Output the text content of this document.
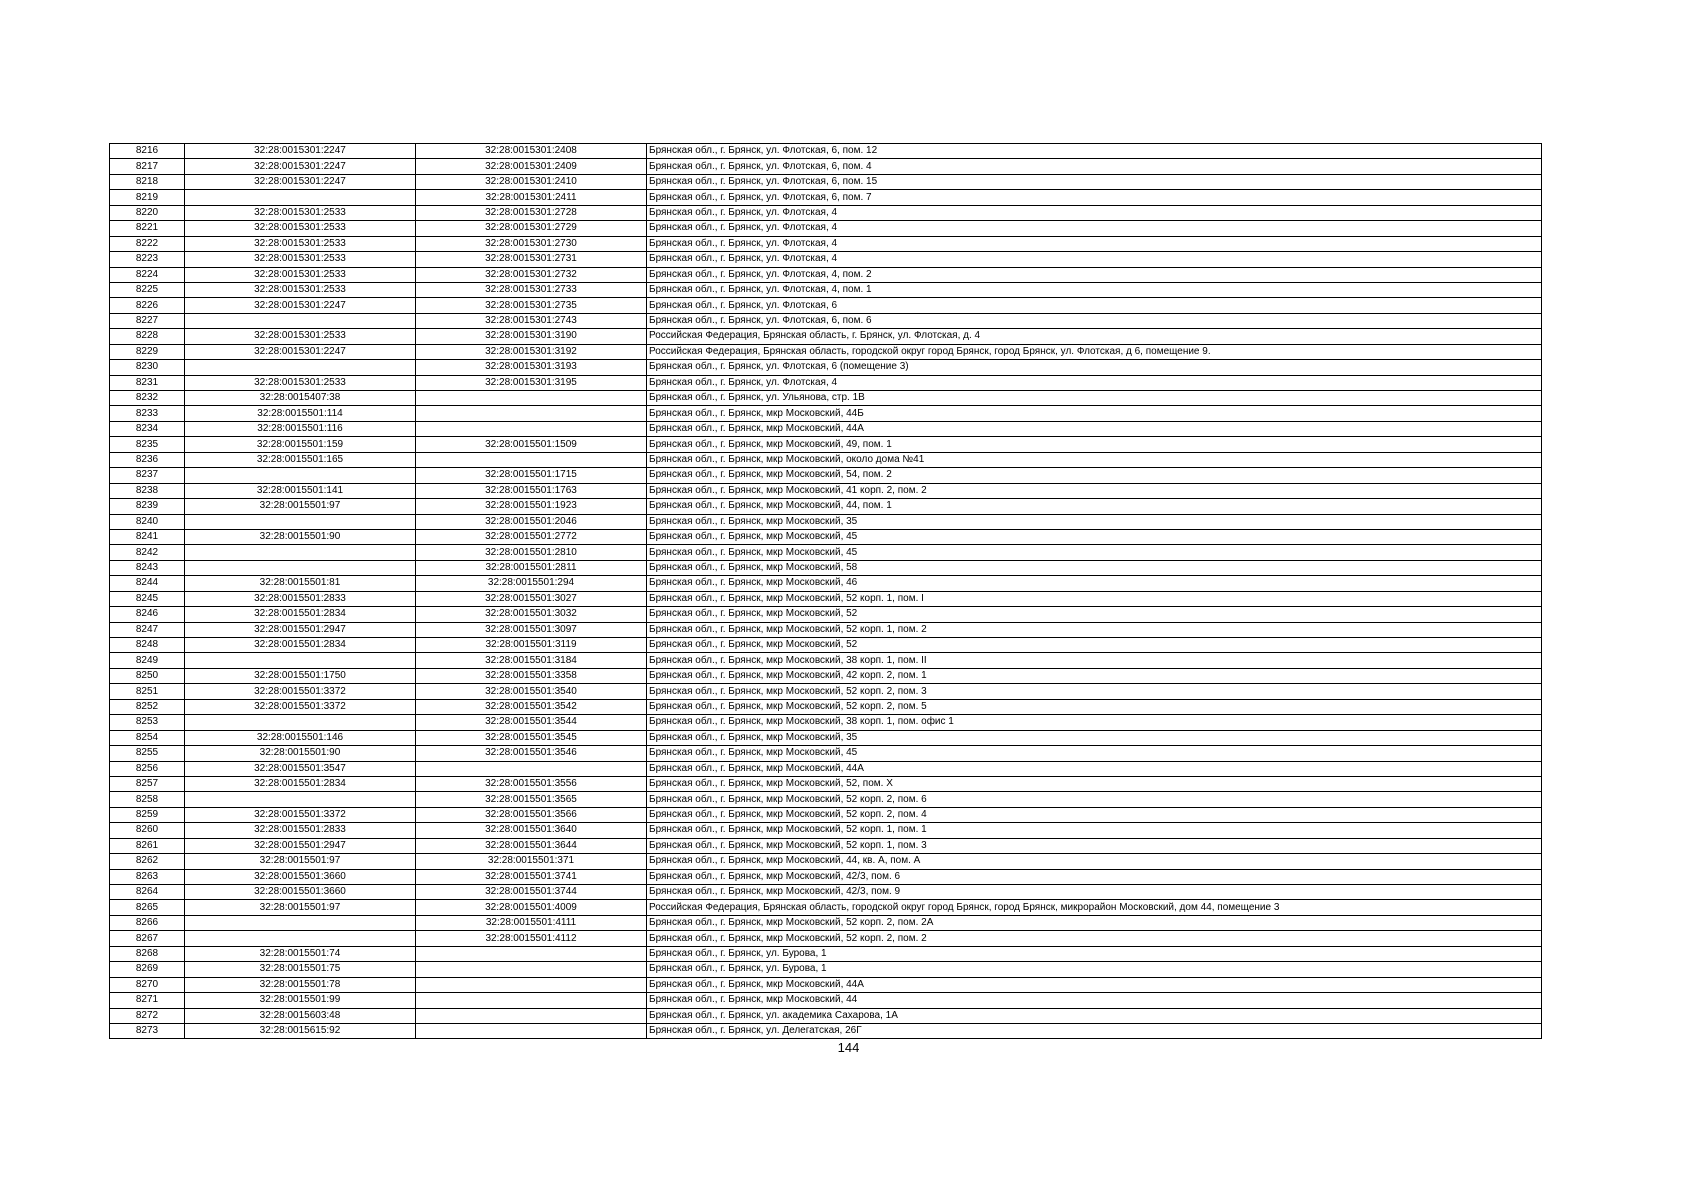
8216	32:28:0015301:2247	32:28:0015301:2408	Брянская обл., г. Брянск, ул. Флотская, 6, пом. 12
8217	32:28:0015301:2247	32:28:0015301:2409	Брянская обл., г. Брянск, ул. Флотская, 6, пом. 4
8218	32:28:0015301:2247	32:28:0015301:2410	Брянская обл., г. Брянск, ул. Флотская, 6, пом. 15
8219		32:28:0015301:2411	Брянская обл., г. Брянск, ул. Флотская, 6, пом. 7
8220	32:28:0015301:2533	32:28:0015301:2728	Брянская обл., г. Брянск, ул. Флотская, 4
8221	32:28:0015301:2533	32:28:0015301:2729	Брянская обл., г. Брянск, ул. Флотская, 4
8222	32:28:0015301:2533	32:28:0015301:2730	Брянская обл., г. Брянск, ул. Флотская, 4
8223	32:28:0015301:2533	32:28:0015301:2731	Брянская обл., г. Брянск, ул. Флотская, 4
8224	32:28:0015301:2533	32:28:0015301:2732	Брянская обл., г. Брянск, ул. Флотская, 4, пом. 2
8225	32:28:0015301:2533	32:28:0015301:2733	Брянская обл., г. Брянск, ул. Флотская, 4, пом. 1
8226	32:28:0015301:2247	32:28:0015301:2735	Брянская обл., г. Брянск, ул. Флотская, 6
8227		32:28:0015301:2743	Брянская обл., г. Брянск, ул. Флотская, 6, пом. 6
8228	32:28:0015301:2533	32:28:0015301:3190	Российская Федерация, Брянская область, г. Брянск, ул. Флотская, д. 4
8229	32:28:0015301:2247	32:28:0015301:3192	Российская Федерация, Брянская область, городской округ город Брянск, город Брянск, ул. Флотская, д 6, помещение 9.
8230		32:28:0015301:3193	Брянская обл., г. Брянск, ул. Флотская, 6 (помещение 3)
8231	32:28:0015301:2533	32:28:0015301:3195	Брянская обл., г. Брянск, ул. Флотская, 4
8232	32:28:0015407:38		Брянская обл., г. Брянск, ул. Ульянова, стр. 1В
8233	32:28:0015501:114		Брянская обл., г. Брянск, мкр Московский, 44Б
8234	32:28:0015501:116		Брянская обл., г. Брянск, мкр Московский, 44А
8235	32:28:0015501:159	32:28:0015501:1509	Брянская обл., г. Брянск, мкр Московский, 49, пом. 1
8236	32:28:0015501:165		Брянская обл., г. Брянск, мкр Московский, около дома №41
8237		32:28:0015501:1715	Брянская обл., г. Брянск, мкр Московский, 54, пом. 2
8238	32:28:0015501:141	32:28:0015501:1763	Брянская обл., г. Брянск, мкр Московский, 41 корп. 2, пом. 2
8239	32:28:0015501:97	32:28:0015501:1923	Брянская обл., г. Брянск, мкр Московский, 44, пом. 1
8240		32:28:0015501:2046	Брянская обл., г. Брянск, мкр Московский, 35
8241	32:28:0015501:90	32:28:0015501:2772	Брянская обл., г. Брянск, мкр Московский, 45
8242		32:28:0015501:2810	Брянская обл., г. Брянск, мкр Московский, 45
8243		32:28:0015501:2811	Брянская обл., г. Брянск, мкр Московский, 58
8244	32:28:0015501:81	32:28:0015501:294	Брянская обл., г. Брянск, мкр Московский, 46
8245	32:28:0015501:2833	32:28:0015501:3027	Брянская обл., г. Брянск, мкр Московский, 52 корп. 1, пом. I
8246	32:28:0015501:2834	32:28:0015501:3032	Брянская обл., г. Брянск, мкр Московский, 52
8247	32:28:0015501:2947	32:28:0015501:3097	Брянская обл., г. Брянск, мкр Московский, 52 корп. 1, пом. 2
8248	32:28:0015501:2834	32:28:0015501:3119	Брянская обл., г. Брянск, мкр Московский, 52
8249		32:28:0015501:3184	Брянская обл., г. Брянск, мкр Московский, 38 корп. 1, пом. II
8250	32:28:0015501:1750	32:28:0015501:3358	Брянская обл., г. Брянск, мкр Московский, 42 корп. 2, пом. 1
8251	32:28:0015501:3372	32:28:0015501:3540	Брянская обл., г. Брянск, мкр Московский, 52 корп. 2, пом. 3
8252	32:28:0015501:3372	32:28:0015501:3542	Брянская обл., г. Брянск, мкр Московский, 52 корп. 2, пом. 5
8253		32:28:0015501:3544	Брянская обл., г. Брянск, мкр Московский, 38 корп. 1, пом. офис 1
8254	32:28:0015501:146	32:28:0015501:3545	Брянская обл., г. Брянск, мкр Московский, 35
8255	32:28:0015501:90	32:28:0015501:3546	Брянская обл., г. Брянск, мкр Московский, 45
8256	32:28:0015501:3547		Брянская обл., г. Брянск, мкр Московский, 44А
8257	32:28:0015501:2834	32:28:0015501:3556	Брянская обл., г. Брянск, мкр Московский, 52, пом. X
8258		32:28:0015501:3565	Брянская обл., г. Брянск, мкр Московский, 52 корп. 2, пом. 6
8259	32:28:0015501:3372	32:28:0015501:3566	Брянская обл., г. Брянск, мкр Московский, 52 корп. 2, пом. 4
8260	32:28:0015501:2833	32:28:0015501:3640	Брянская обл., г. Брянск, мкр Московский, 52 корп. 1, пом. 1
8261	32:28:0015501:2947	32:28:0015501:3644	Брянская обл., г. Брянск, мкр Московский, 52 корп. 1, пом. 3
8262	32:28:0015501:97	32:28:0015501:371	Брянская обл., г. Брянск, мкр Московский, 44, кв. А, пом. А
8263	32:28:0015501:3660	32:28:0015501:3741	Брянская обл., г. Брянск, мкр Московский, 42/3, пом. 6
8264	32:28:0015501:3660	32:28:0015501:3744	Брянская обл., г. Брянск, мкр Московский, 42/3, пом. 9
8265	32:28:0015501:97	32:28:0015501:4009	Российская Федерация, Брянская область, городской округ город Брянск, город Брянск, микрорайон Московский, дом 44, помещение 3
8266		32:28:0015501:4111	Брянская обл., г. Брянск, мкр Московский, 52 корп. 2, пом. 2А
8267		32:28:0015501:4112	Брянская обл., г. Брянск, мкр Московский, 52 корп. 2, пом. 2
8268	32:28:0015501:74		Брянская обл., г. Брянск, ул. Бурова, 1
8269	32:28:0015501:75		Брянская обл., г. Брянск, ул. Бурова, 1
8270	32:28:0015501:78		Брянская обл., г. Брянск, мкр Московский, 44А
8271	32:28:0015501:99		Брянская обл., г. Брянск, мкр Московский, 44
8272	32:28:0015603:48		Брянская обл., г. Брянск, ул. академика Сахарова, 1А
8273	32:28:0015615:92		Брянская обл., г. Брянск, ул. Делегатская, 26Г
144
